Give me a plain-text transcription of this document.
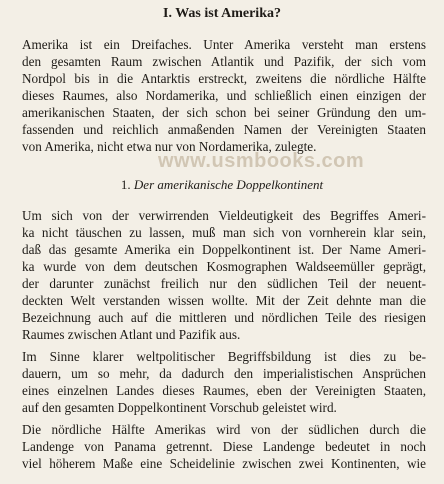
I. Was ist Amerika?

Amerika ist ein Dreifaches. Unter Amerika versteht man erstens

den gesamten Raum zwischen Atlantik und Pazifik, der sich vom

Nordpol bis in die Antarktis erstreckt, zweitens die nördliche Hälfte

dieses Raumes, also Nordamerika, und schließlich einen einzigen der

amerikanischen Staaten, der sich schon bei seiner Gründung den um-

fassenden und reichlich anmaßenden Namen der Vereinigten Staaten

von Amerika, nicht etwa nur von Nordamerika, zulegte.

1. Der amerikanische Doppelkontinent

Um sich von der verwirrenden Vieldeutigkeit des Begriffes Ameri-

ka nicht täuschen zu lassen, muß man sich von vornherein klar sein,

daß das gesamte Amerika ein Doppelkontinent ist. Der Name Ameri-

ka wurde von dem deutschen Kosmographen Waldseemüller geprägt,

der darunter zunächst freilich nur den südlichen Teil der neuent-

deckten Welt verstanden wissen wollte. Mit der Zeit dehnte man die

Bezeichnung auch auf die mittleren und nördlichen Teile des riesigen

Raumes zwischen Atlant und Pazifik aus.

Im Sinne klarer weltpolitischer Begriffsbildung ist dies zu be-

dauern, um so mehr, da dadurch den imperialistischen Ansprüchen

eines einzelnen Landes dieses Raumes, eben der Vereinigten Staaten,

auf den gesamten Doppelkontinent Vorschub geleistet wird.

Die nördliche Hälfte Amerikas wird von der südlichen durch die

Landenge von Panama getrennt. Diese Landenge bedeutet in noch

viel höherem Maße eine Scheidelinie zwischen zwei Kontinenten, wie

www.usmbooks.com
